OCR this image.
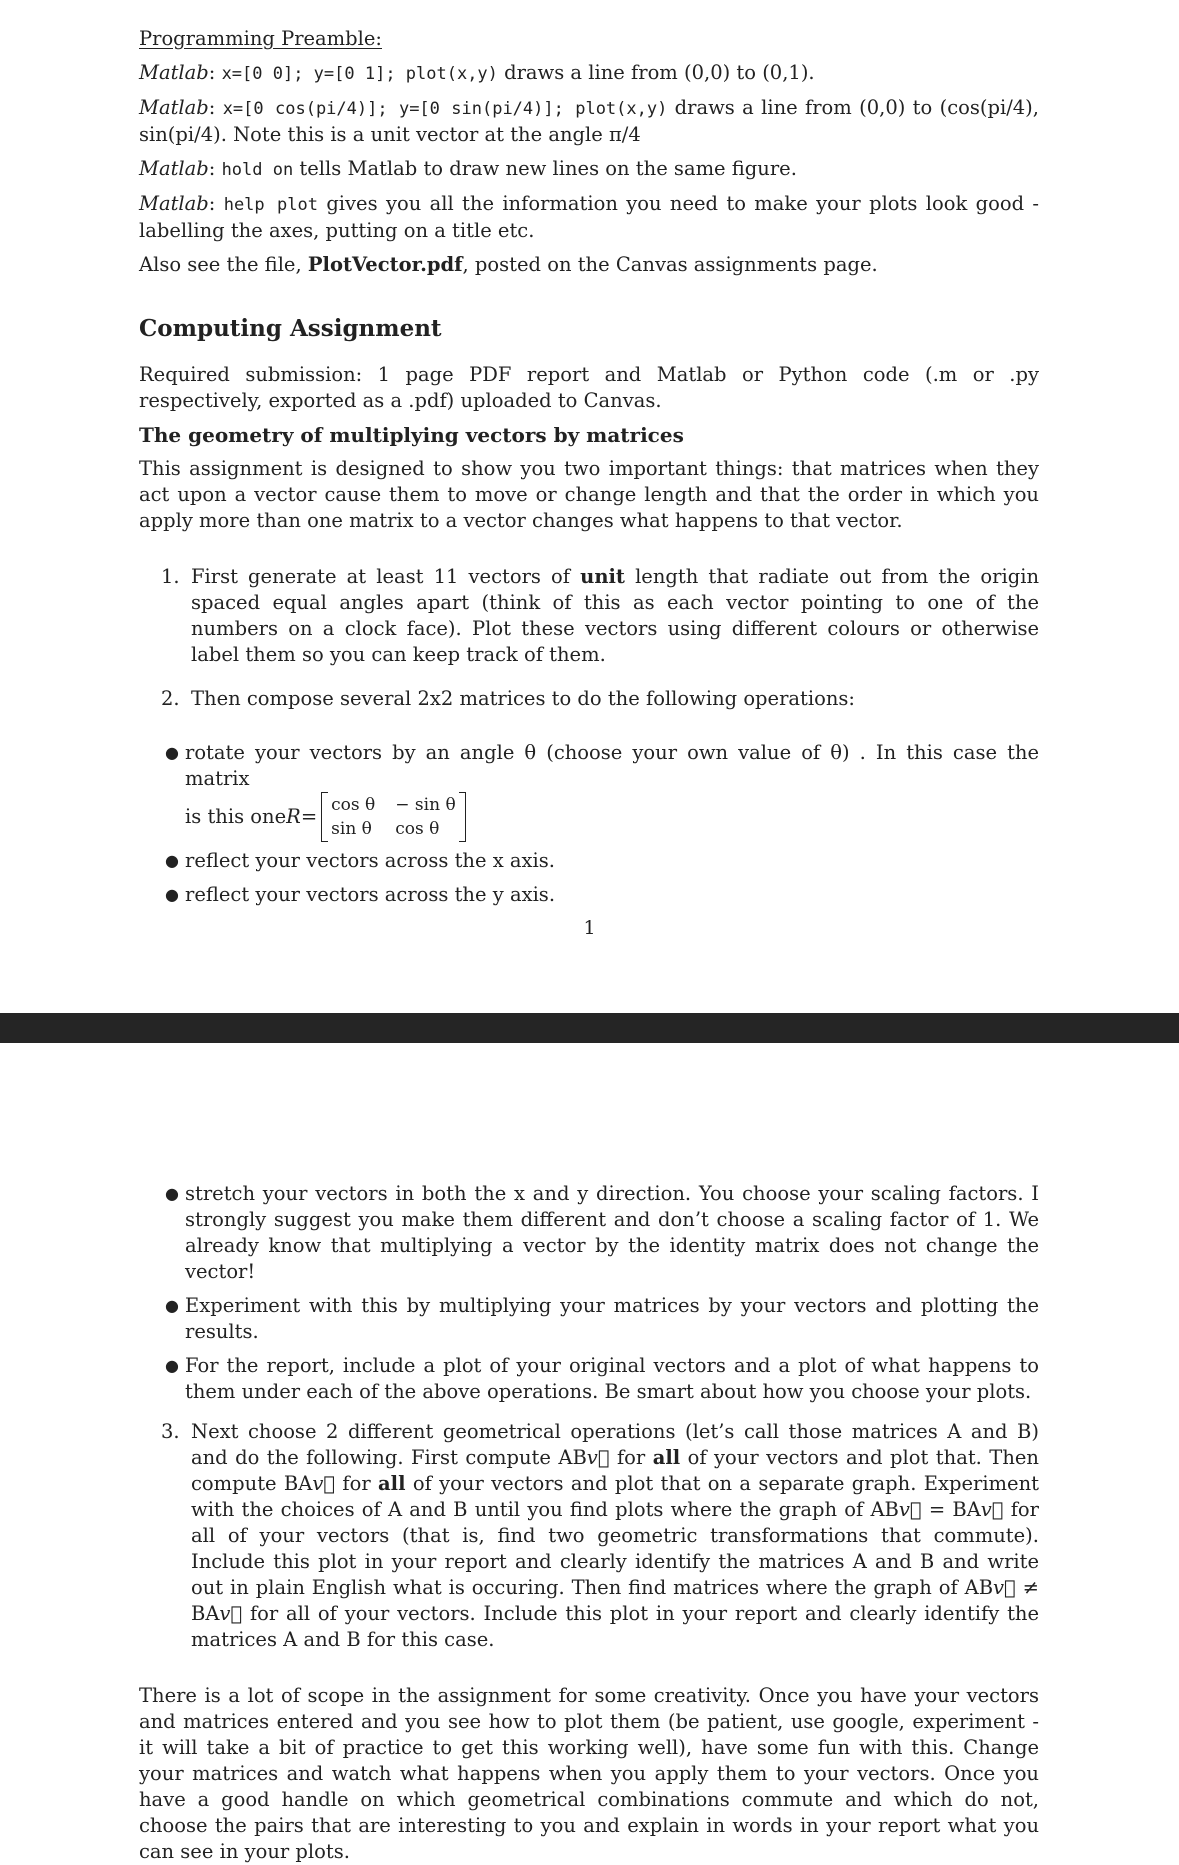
Programming Preamble:

Matlab: x=[0 0]; y=[0 1]; plot(x,y) draws a line from (0,0) to (0,1).

Matlab: x=[0 cos(pi/4)]; y=[0 sin(pi/4)]; plot(x,y) draws a line from (0,0) to (cos(pi/4), sin(pi/4). Note this is a unit vector at the angle π/4

Matlab: hold on tells Matlab to draw new lines on the same figure.

Matlab: help plot gives you all the information you need to make your plots look good - labelling the axes, putting on a title etc.

Also see the file, PlotVector.pdf, posted on the Canvas assignments page.

Computing Assignment

Required submission: 1 page PDF report and Matlab or Python code (.m or .py respectively, exported as a .pdf) uploaded to Canvas.

The geometry of multiplying vectors by matrices

This assignment is designed to show you two important things: that matrices when they act upon a vector cause them to move or change length and that the order in which you apply more than one matrix to a vector changes what happens to that vector.

1. First generate at least 11 vectors of unit length that radiate out from the origin spaced equal angles apart (think of this as each vector pointing to one of the numbers on a clock face). Plot these vectors using different colours or otherwise label them so you can keep track of them.
2. Then compose several 2x2 matrices to do the following operations:

● rotate your vectors by an angle θ (choose your own value of θ) . In this case the matrix

is this one R = cos θ − sin θ
sin θ cos θ

● reflect your vectors across the x axis.
● reflect your vectors across the y axis.
1
● stretch your vectors in both the x and y direction. You choose your scaling factors. I strongly suggest you make them different and don’t choose a scaling factor of 1. We already know that multiplying a vector by the identity matrix does not change the vector!
● Experiment with this by multiplying your matrices by your vectors and plotting the results.
● For the report, include a plot of your original vectors and a plot of what happens to them under each of the above operations. Be smart about how you choose your plots.
3. Next choose 2 different geometrical operations (let’s call those matrices A and B) and do the following. First compute ABv⃗ for all of your vectors and plot that. Then compute BAv⃗ for all of your vectors and plot that on a separate graph. Experiment with the choices of A and B until you find plots where the graph of ABv⃗ = BAv⃗ for all of your vectors (that is, find two geometric transformations that commute). Include this plot in your report and clearly identify the matrices A and B and write out in plain English what is occuring. Then find matrices where the graph of ABv⃗ ≠ BAv⃗ for all of your vectors. Include this plot in your report and clearly identify the matrices A and B for this case.

There is a lot of scope in the assignment for some creativity. Once you have your vectors and matrices entered and you see how to plot them (be patient, use google, experiment - it will take a bit of practice to get this working well), have some fun with this. Change your matrices and watch what happens when you apply them to your vectors. Once you have a good handle on which geometrical combinations commute and which do not, choose the pairs that are interesting to you and explain in words in your report what you can see in your plots.
